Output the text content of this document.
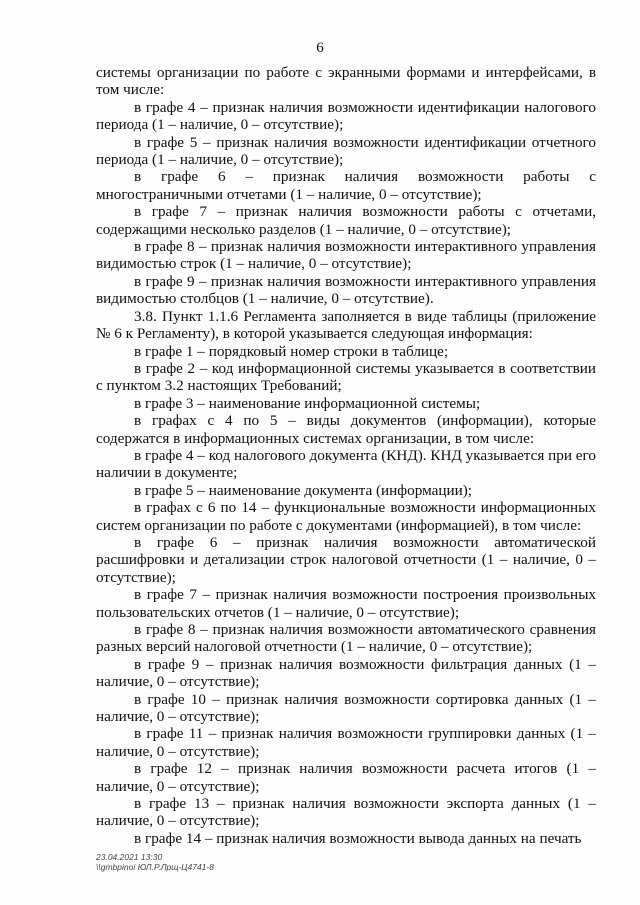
6

системы организации по работе с экранными формами и интерфейсами, в том числе:

в графе 4 – признак наличия возможности идентификации налогового периода (1 – наличие, 0 – отсутствие);

в графе 5 – признак наличия возможности идентификации отчетного периода (1 – наличие, 0 – отсутствие);

в графе 6 – признак наличия возможности работы с многостраничными отчетами (1 – наличие, 0 – отсутствие);

в графе 7 – признак наличия возможности работы с отчетами, содержащими несколько разделов (1 – наличие, 0 – отсутствие);

в графе 8 – признак наличия возможности интерактивного управления видимостью строк (1 – наличие, 0 – отсутствие);

в графе 9 – признак наличия возможности интерактивного управления видимостью столбцов (1 – наличие, 0 – отсутствие).

3.8. Пункт 1.1.6 Регламента заполняется в виде таблицы (приложение № 6 к Регламенту), в которой указывается следующая информация:

в графе 1 – порядковый номер строки в таблице;

в графе 2 – код информационной системы указывается в соответствии с пунктом 3.2 настоящих Требований;

в графе 3 – наименование информационной системы;

в графах с 4 по 5 – виды документов (информации), которые содержатся в информационных системах организации, в том числе:

в графе 4 – код налогового документа (КНД). КНД указывается при его наличии в документе;

в графе 5 – наименование документа (информации);

в графах с 6 по 14 – функциональные возможности информационных систем организации по работе с документами (информацией), в том числе:

в графе 6 – признак наличия возможности автоматической расшифровки и детализации строк налоговой отчетности (1 – наличие, 0 – отсутствие);

в графе 7 – признак наличия возможности построения произвольных пользовательских отчетов (1 – наличие, 0 – отсутствие);

в графе 8 – признак наличия возможности автоматического сравнения разных версий налоговой отчетности (1 – наличие, 0 – отсутствие);

в графе 9 – признак наличия возможности фильтрация данных (1 – наличие, 0 – отсутствие);

в графе 10 – признак наличия возможности сортировка данных (1 – наличие, 0 – отсутствие);

в графе 11 – признак наличия возможности группировки данных (1 – наличие, 0 – отсутствие);

в графе 12 – признак наличия возможности расчета итогов (1 – наличие, 0 – отсутствие);

в графе 13 – признак наличия возможности экспорта данных (1 – наличие, 0 – отсутствие);

в графе 14 – признак наличия возможности вывода данных на печать

23.04.2021 13:30
\\gmbpinoi ЮЛ.Р.Лрщ-Ц4741-8
